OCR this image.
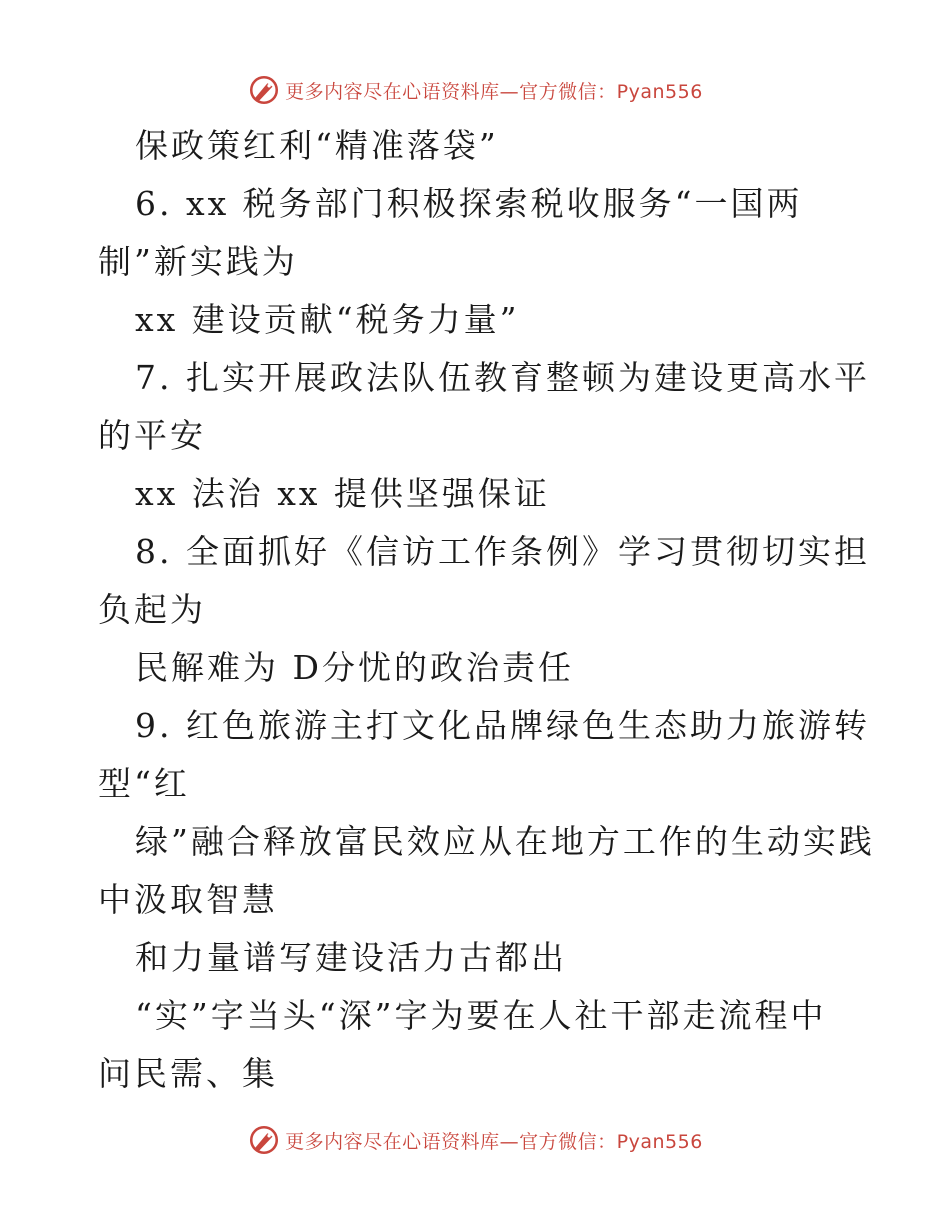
更多内容尽在心语资料库—官方微信：Pyan556
保政策红利“精准落袋”
6. xx 税务部门积极探索税收服务“一国两
制”新实践为
xx 建设贡献“税务力量”
7. 扎实开展政法队伍教育整顿为建设更高水平
的平安
xx 法治 xx 提供坚强保证
8. 全面抓好《信访工作条例》学习贯彻切实担
负起为
民解难为 D分忧的政治责任
9. 红色旅游主打文化品牌绿色生态助力旅游转
型“红
绿”融合释放富民效应从在地方工作的生动实践
中汲取智慧
和力量谱写建设活力古都出
“实”字当头“深”字为要在人社干部走流程中
问民需、集
更多内容尽在心语资料库—官方微信：Pyan556
